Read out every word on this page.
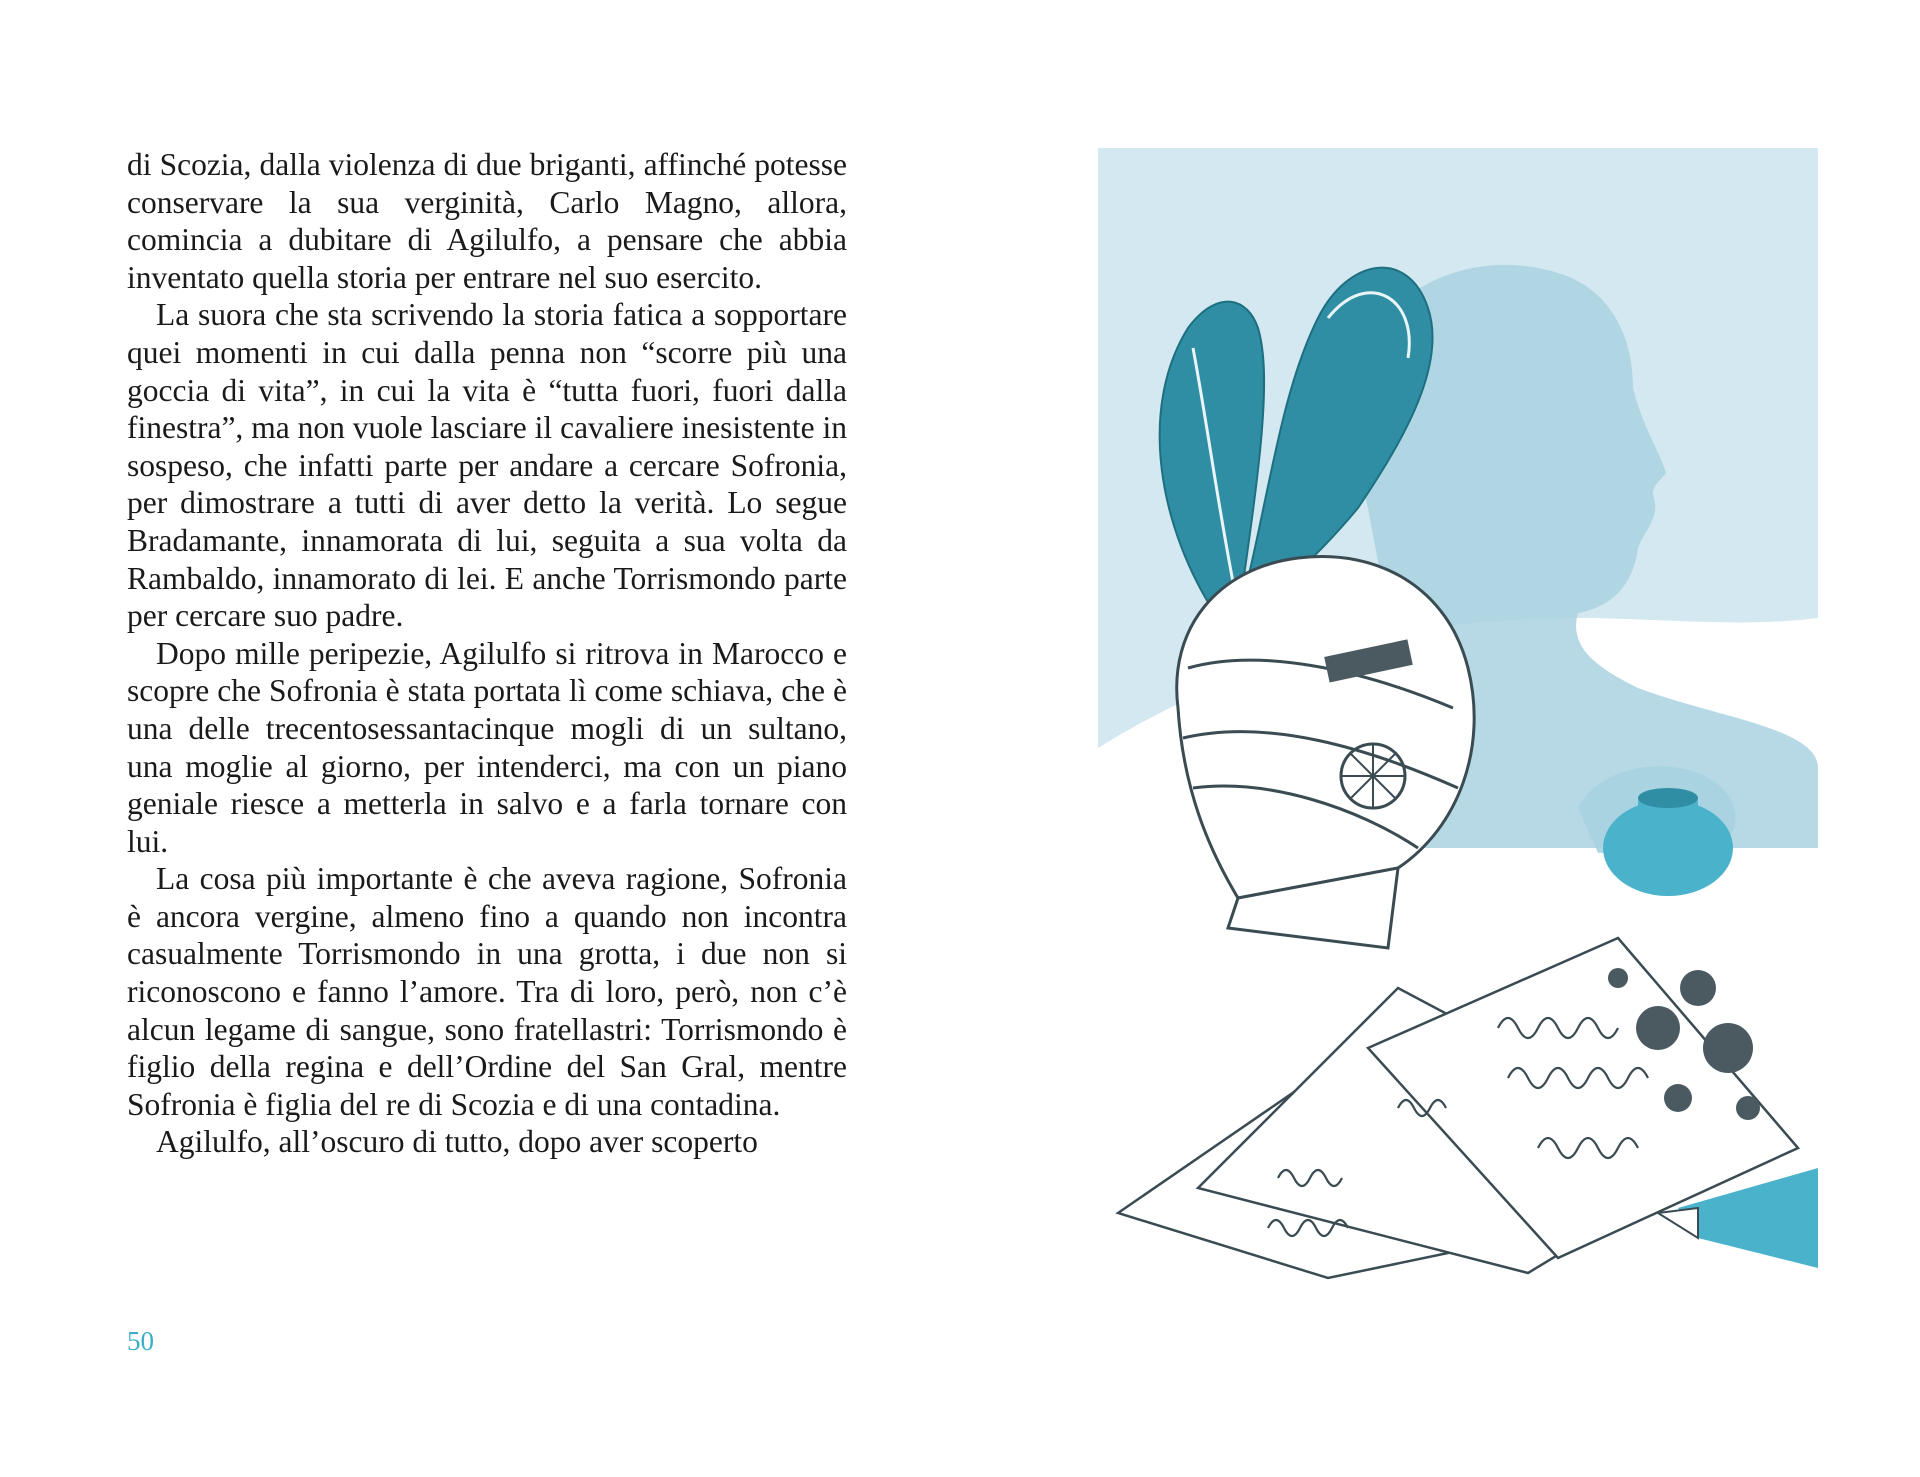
di Scozia, dalla violenza di due briganti, affinché potesse conservare la sua verginità, Carlo Magno, allora, comincia a dubitare di Agilulfo, a pensare che abbia inventato quella storia per entrare nel suo esercito.

La suora che sta scrivendo la storia fatica a sopportare quei momenti in cui dalla penna non “scorre più una goccia di vita”, in cui la vita è “tutta fuori, fuori dalla finestra”, ma non vuole lasciare il cavaliere inesistente in sospeso, che infatti parte per andare a cercare Sofronia, per dimostrare a tutti di aver detto la verità. Lo segue Bradamante, innamorata di lui, seguita a sua volta da Rambaldo, innamorato di lei. E anche Torrismondo parte per cercare suo padre.

Dopo mille peripezie, Agilulfo si ritrova in Marocco e scopre che Sofronia è stata portata lì come schiava, che è una delle trecentosessantacinque mogli di un sultano, una moglie al giorno, per intenderci, ma con un piano geniale riesce a metterla in salvo e a farla tornare con lui.

La cosa più importante è che aveva ragione, Sofronia è ancora vergine, almeno fino a quando non incontra casualmente Torrismondo in una grotta, i due non si riconoscono e fanno l’amore. Tra di loro, però, non c’è alcun legame di sangue, sono fratellastri: Torrismondo è figlio della regina e dell’Ordine del San Gral, mentre Sofronia è figlia del re di Scozia e di una contadina.

Agilulfo, all’oscuro di tutto, dopo aver scoperto

50
